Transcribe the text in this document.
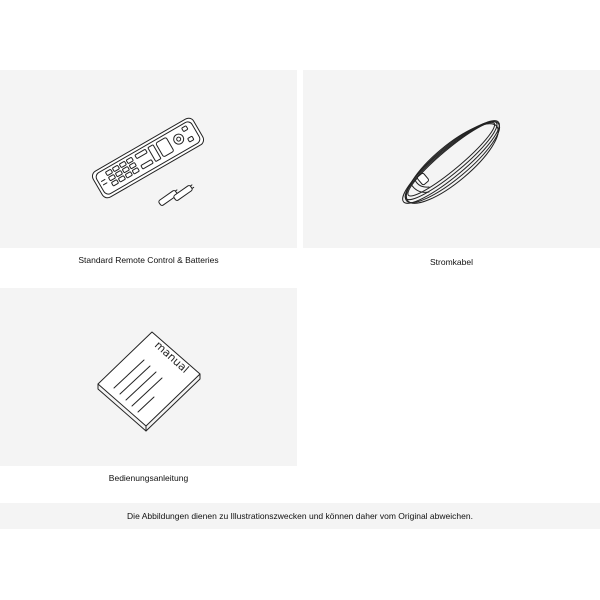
Standard Remote Control & Batteries	Stromkabel
manual
Bedienungsanleitung
Die Abbildungen dienen zu Illustrationszwecken und können daher vom Original abweichen.
